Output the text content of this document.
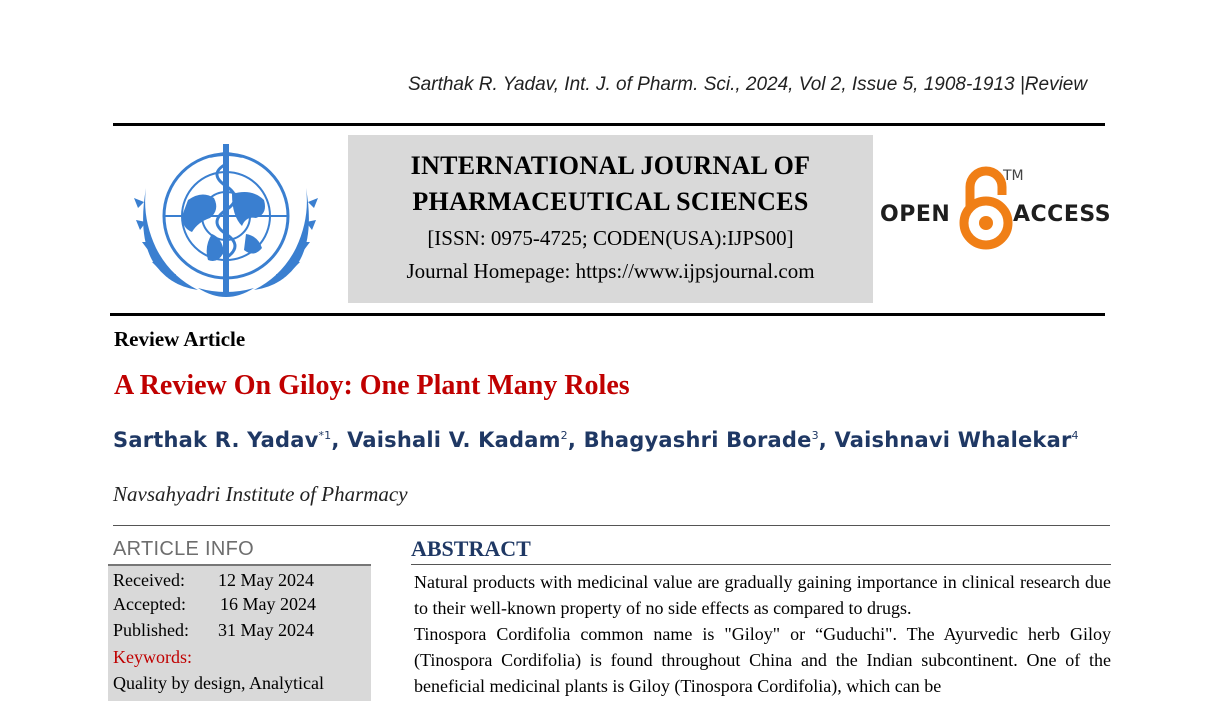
Sarthak R. Yadav, Int. J. of Pharm. Sci., 2024, Vol 2, Issue 5, 1908-1913 |Review
INTERNATIONAL JOURNAL OF
PHARMACEUTICAL SCIENCES
[ISSN: 0975-4725; CODEN(USA):IJPS00]
Journal Homepage: https://www.ijpsjournal.com
OPEN
TM
ACCESS
Review Article
A Review On Giloy: One Plant Many Roles
Sarthak R. Yadav$^{*1}$, Vaishali V. Kadam$^2$, Bhagyashri Borade$^3$, Vaishnavi Whalekar$^4$
Navsahyadri Institute of Pharmacy
ARTICLE INFO
Received: 12 May 2024
Accepted: 16 May 2024
Published: 31 May 2024
Keywords:
Quality by design, Analytical
ABSTRACT

Natural products with medicinal value are gradually gaining importance in clinical research due to their well-known property of no side effects as compared to drugs.

Tinospora Cordifolia common name is "Giloy" or “Guduchi". The Ayurvedic herb Giloy (Tinospora Cordifolia) is found throughout China and the Indian subcontinent. One of the beneficial medicinal plants is Giloy (Tinospora Cordifolia), which can be
